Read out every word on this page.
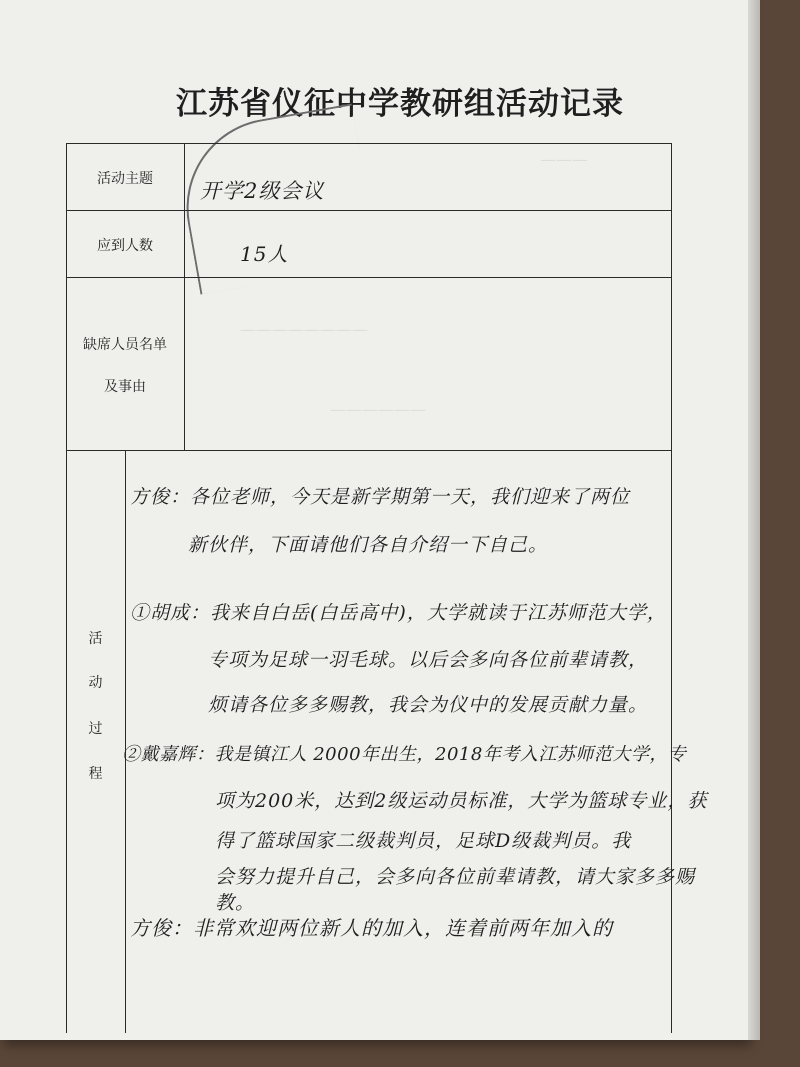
江苏省仪征中学教研组活动记录
———
————————
——————
活动主题
应到人数
缺席人员名单
及事由
开学2级会议
15人
活
动
过
程
方俊：各位老师，今天是新学期第一天，我们迎来了两位
新伙伴，下面请他们各自介绍一下自己。
①胡成：我来自白岳(白岳高中)，大学就读于江苏师范大学，
专项为足球一羽毛球。以后会多向各位前辈请教，
烦请各位多多赐教，我会为仪中的发展贡献力量。
②戴嘉辉：我是镇江人 2000年出生，2018年考入江苏师范大学，专
项为200米，达到2级运动员标准，大学为篮球专业，获
得了篮球国家二级裁判员，足球D级裁判员。我
会努力提升自己，会多向各位前辈请教，请大家多多赐
教。
方俊：非常欢迎两位新人的加入，连着前两年加入的
